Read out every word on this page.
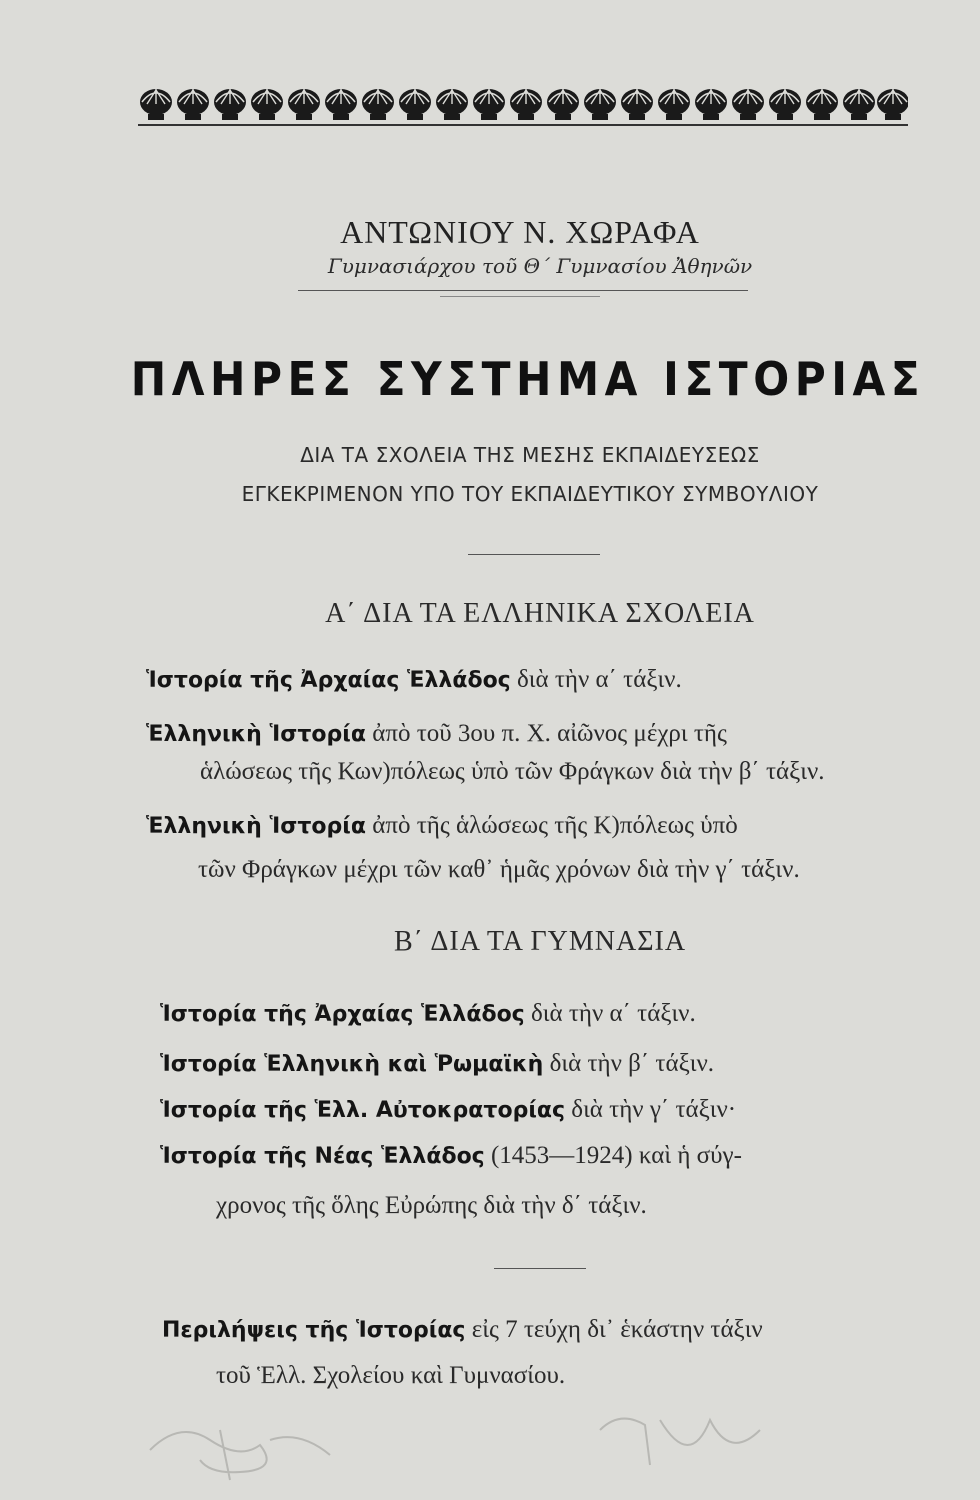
ΑΝΤΩΝΙΟΥ Ν. ΧΩΡΑΦΑ
Γυμνασιάρχου τοῦ Θ΄ Γυμνασίου Ἀθηνῶν
ΠΛΗΡΕΣ ΣΥΣΤΗΜΑ ΙΣΤΟΡΙΑΣ
ΔΙΑ ΤΑ ΣΧΟΛΕΙΑ ΤΗΣ ΜΕΣΗΣ ΕΚΠΑΙΔΕΥΣΕΩΣ
ΕΓΚΕΚΡΙΜΕΝΟΝ ΥΠΟ ΤΟΥ ΕΚΠΑΙΔΕΥΤΙΚΟΥ ΣΥΜΒΟΥΛΙΟΥ
Α΄ ΔΙΑ ΤΑ ΕΛΛΗΝΙΚΑ ΣΧΟΛΕΙΑ
Ἱστορία τῆς Ἀρχαίας Ἑλλάδος διὰ τὴν α΄ τάξιν.
Ἑλληνικὴ Ἱστορία ἀπὸ τοῦ 3ου π. Χ. αἰῶνος μέχρι τῆς
ἁλώσεως τῆς Κων)πόλεως ὑπὸ τῶν Φράγκων διὰ τὴν β΄ τάξιν.
Ἑλληνικὴ Ἱστορία ἀπὸ τῆς ἁλώσεως τῆς Κ)πόλεως ὑπὸ
τῶν Φράγκων μέχρι τῶν καθ᾽ ἡμᾶς χρόνων διὰ τὴν γ΄ τάξιν.
Β΄ ΔΙΑ ΤΑ ΓΥΜΝΑΣΙΑ
Ἱστορία τῆς Ἀρχαίας Ἑλλάδος διὰ τὴν α΄ τάξιν.
Ἱστορία Ἑλληνικὴ καὶ Ῥωμαϊκὴ διὰ τὴν β΄ τάξιν.
Ἱστορία τῆς Ἑλλ. Αὐτοκρατορίας διὰ τὴν γ΄ τάξιν·
Ἱστορία τῆς Νέας Ἑλλάδος (1453—1924) καὶ ἡ σύγ-
χρονος τῆς ὅλης Εὐρώπης διὰ τὴν δ΄ τάξιν.
Περιλήψεις τῆς Ἱστορίας εἰς 7 τεύχη δι᾽ ἑκάστην τάξιν
τοῦ Ἑλλ. Σχολείου καὶ Γυμνασίου.
